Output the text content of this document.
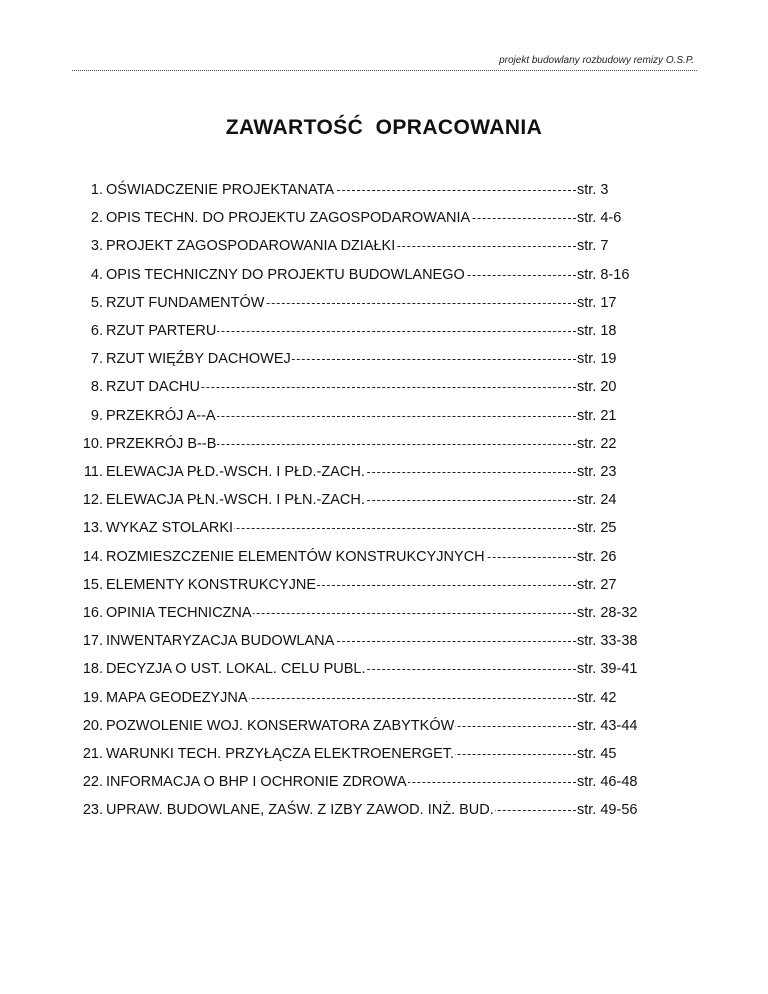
projekt budowlany rozbudowy remizy O.S.P.
ZAWARTOŚĆ  OPRACOWANIA
1. OŚWIADCZENIE PROJEKTANATA	str. 3
2. OPIS TECHN. DO PROJEKTU ZAGOSPODAROWANIA	str. 4-6
3. PROJEKT ZAGOSPODAROWANIA DZIAŁKI	str. 7
4. OPIS TECHNICZNY DO PROJEKTU BUDOWLANEGO	str. 8-16
5. RZUT FUNDAMENTÓW	str. 17
6. RZUT PARTERU	str. 18
7. RZUT WIĘŹBY DACHOWEJ	str. 19
8. RZUT DACHU	str. 20
9. PRZEKRÓJ A--A	str. 21
10. PRZEKRÓJ B--B	str. 22
11. ELEWACJA PŁD.-WSCH. I PŁD.-ZACH.	str. 23
12. ELEWACJA PŁN.-WSCH. I PŁN.-ZACH.	str. 24
13. WYKAZ STOLARKI	str. 25
14. ROZMIESZCZENIE ELEMENTÓW KONSTRUKCYJNYCH	str. 26
15. ELEMENTY KONSTRUKCYJNE	str. 27
16. OPINIA TECHNICZNA	str. 28-32
17. INWENTARYZACJA BUDOWLANA	str. 33-38
18. DECYZJA O UST. LOKAL. CELU PUBL.	str. 39-41
19. MAPA GEODEZYJNA	str. 42
20. POZWOLENIE WOJ. KONSERWATORA ZABYTKÓW	str. 43-44
21. WARUNKI TECH. PRZYŁĄCZA ELEKTROENERGET.	str. 45
22. INFORMACJA O BHP I OCHRONIE ZDROWA	str. 46-48
23. UPRAW. BUDOWLANE, ZAŚW. Z IZBY ZAWOD. INŻ. BUD.	str. 49-56
